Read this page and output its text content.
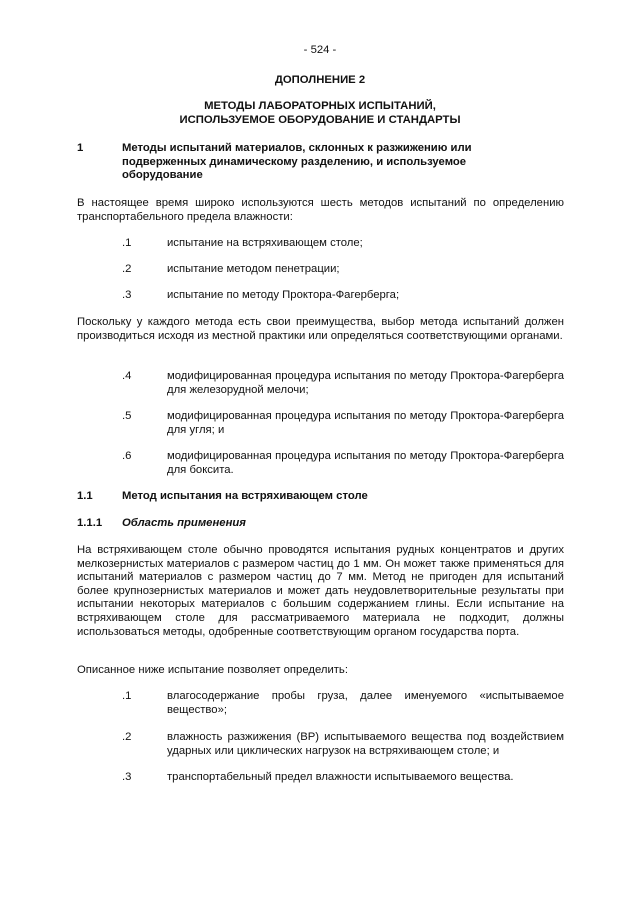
- 524 -
ДОПОЛНЕНИЕ 2
МЕТОДЫ ЛАБОРАТОРНЫХ ИСПЫТАНИЙ,
ИСПОЛЬЗУЕМОЕ ОБОРУДОВАНИЕ И СТАНДАРТЫ
1	Методы испытаний материалов, склонных к разжижению или подверженных динамическому разделению, и используемое оборудование
В настоящее время широко используются шесть методов испытаний по определению транспортабельного предела влажности:
.1	испытание на встряхивающем столе;
.2	испытание методом пенетрации;
.3	испытание по методу Проктора-Фагерберга;
Поскольку у каждого метода есть свои преимущества, выбор метода испытаний должен производиться исходя из местной практики или определяться соответствующими органами.
.4	модифицированная процедура испытания по методу Проктора-Фагерберга для железорудной мелочи;
.5	модифицированная процедура испытания по методу Проктора-Фагерберга для угля; и
.6	модифицированная процедура испытания по методу Проктора-Фагерберга для боксита.
1.1	Метод испытания на встряхивающем столе
1.1.1 Область применения
На встряхивающем столе обычно проводятся испытания рудных концентратов и других мелкозернистых материалов с размером частиц до 1 мм. Он может также применяться для испытаний материалов с размером частиц до 7 мм. Метод не пригоден для испытаний более крупнозернистых материалов и может дать неудовлетворительные результаты при испытании некоторых материалов с большим содержанием глины. Если испытание на встряхивающем столе для рассматриваемого материала не подходит, должны использоваться методы, одобренные соответствующим органом государства порта.
Описанное ниже испытание позволяет определить:
.1	влагосодержание пробы груза, далее именуемого «испытываемое вещество»;
.2	влажность разжижения (ВР) испытываемого вещества под воздействием ударных или циклических нагрузок на встряхивающем столе; и
.3	транспортабельный предел влажности испытываемого вещества.
